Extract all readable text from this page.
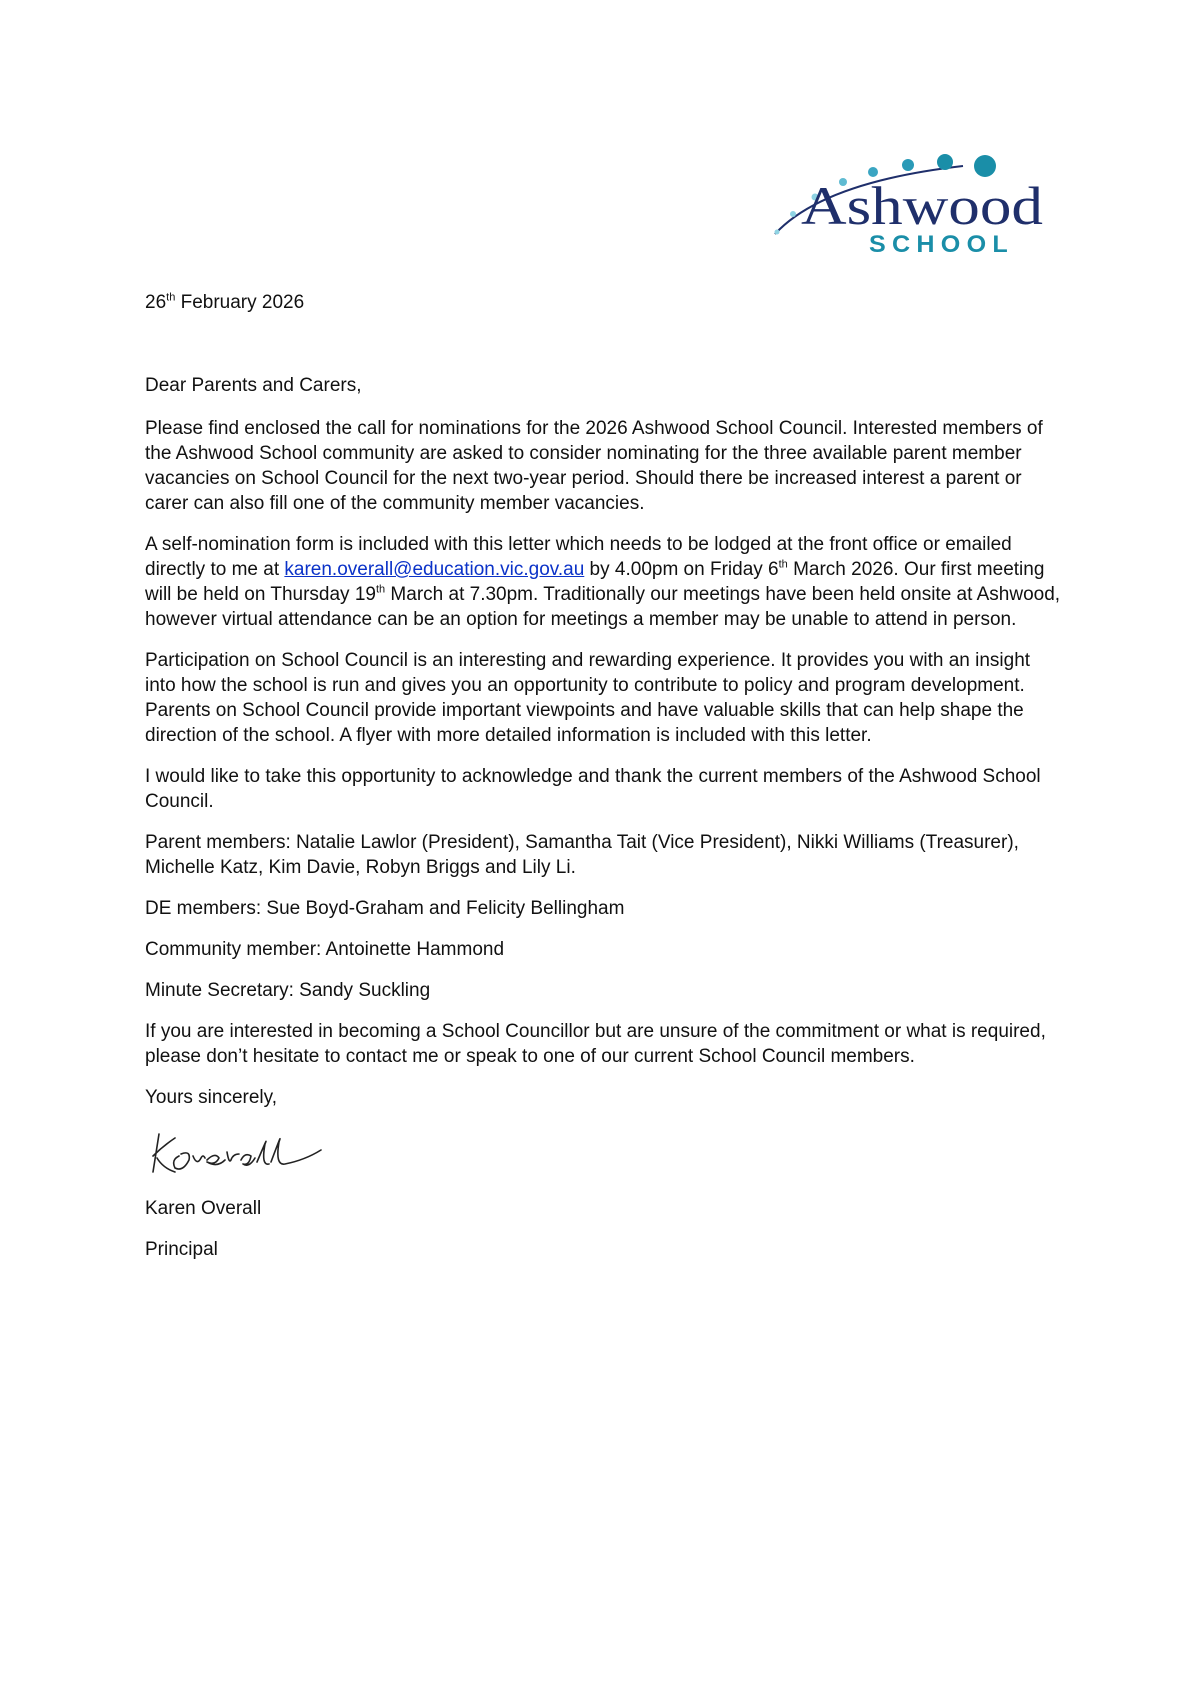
Ashwood
SCHOOL

26th February 2026

Dear Parents and Carers,

Please find enclosed the call for nominations for the 2026 Ashwood School Council. Interested members of the Ashwood School community are asked to consider nominating for the three available parent member vacancies on School Council for the next two-year period. Should there be increased interest a parent or carer can also fill one of the community member vacancies.

A self-nomination form is included with this letter which needs to be lodged at the front office or emailed directly to me at karen.overall@education.vic.gov.au by 4.00pm on Friday 6th March 2026. Our first meeting will be held on Thursday 19th March at 7.30pm. Traditionally our meetings have been held onsite at Ashwood, however virtual attendance can be an option for meetings a member may be unable to attend in person.

Participation on School Council is an interesting and rewarding experience. It provides you with an insight into how the school is run and gives you an opportunity to contribute to policy and program development. Parents on School Council provide important viewpoints and have valuable skills that can help shape the direction of the school. A flyer with more detailed information is included with this letter.

I would like to take this opportunity to acknowledge and thank the current members of the Ashwood School Council.

Parent members: Natalie Lawlor (President), Samantha Tait (Vice President), Nikki Williams (Treasurer), Michelle Katz, Kim Davie, Robyn Briggs and Lily Li.

DE members: Sue Boyd-Graham and Felicity Bellingham

Community member: Antoinette Hammond

Minute Secretary: Sandy Suckling

If you are interested in becoming a School Councillor but are unsure of the commitment or what is required, please don’t hesitate to contact me or speak to one of our current School Council members.

Yours sincerely,

Karen Overall

Principal
